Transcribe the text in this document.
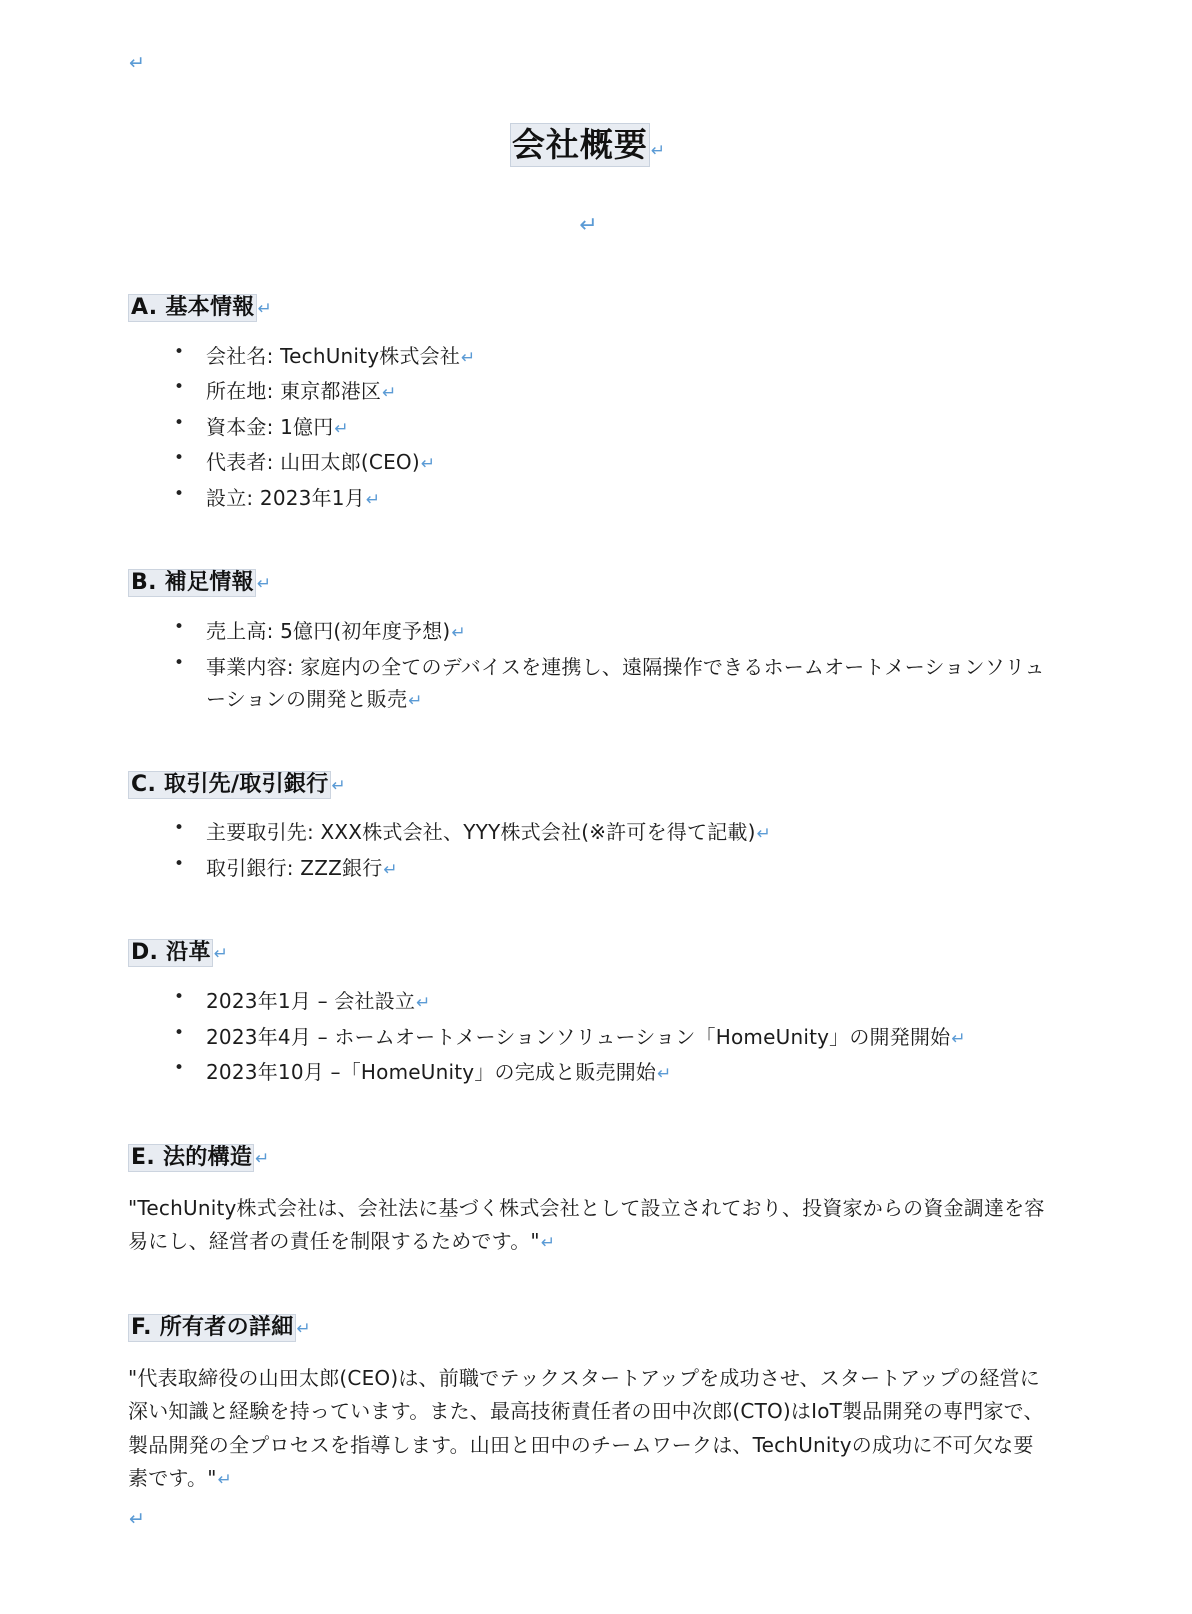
↵
会社概要 ↵
↵
A. 基本情報 ↵
• 会社名: TechUnity株式会社↵
• 所在地: 東京都港区↵
• 資本金: 1億円↵
• 代表者: 山田太郎(CEO)↵
• 設立: 2023年1月↵
B. 補足情報 ↵
• 売上高: 5億円(初年度予想)↵
• 事業内容: 家庭内の全てのデバイスを連携し、遠隔操作できるホームオートメーションソリューションの開発と販売↵
C. 取引先/取引銀行 ↵
• 主要取引先: XXX株式会社、YYY株式会社(※許可を得て記載)↵
• 取引銀行: ZZZ銀行↵
D. 沿革 ↵
• 2023年1月 – 会社設立↵
• 2023年4月 – ホームオートメーションソリューション「HomeUnity」の開発開始↵
• 2023年10月 –「HomeUnity」の完成と販売開始↵
E. 法的構造 ↵

"TechUnity株式会社は、会社法に基づく株式会社として設立されており、投資家からの資金調達を容易にし、経営者の責任を制限するためです。"↵

F. 所有者の詳細 ↵

"代表取締役の山田太郎(CEO)は、前職でテックスタートアップを成功させ、スタートアップの経営に深い知識と経験を持っています。また、最高技術責任者の田中次郎(CTO)はIoT製品開発の専門家で、製品開発の全プロセスを指導します。山田と田中のチームワークは、TechUnityの成功に不可欠な要素です。"↵

↵
